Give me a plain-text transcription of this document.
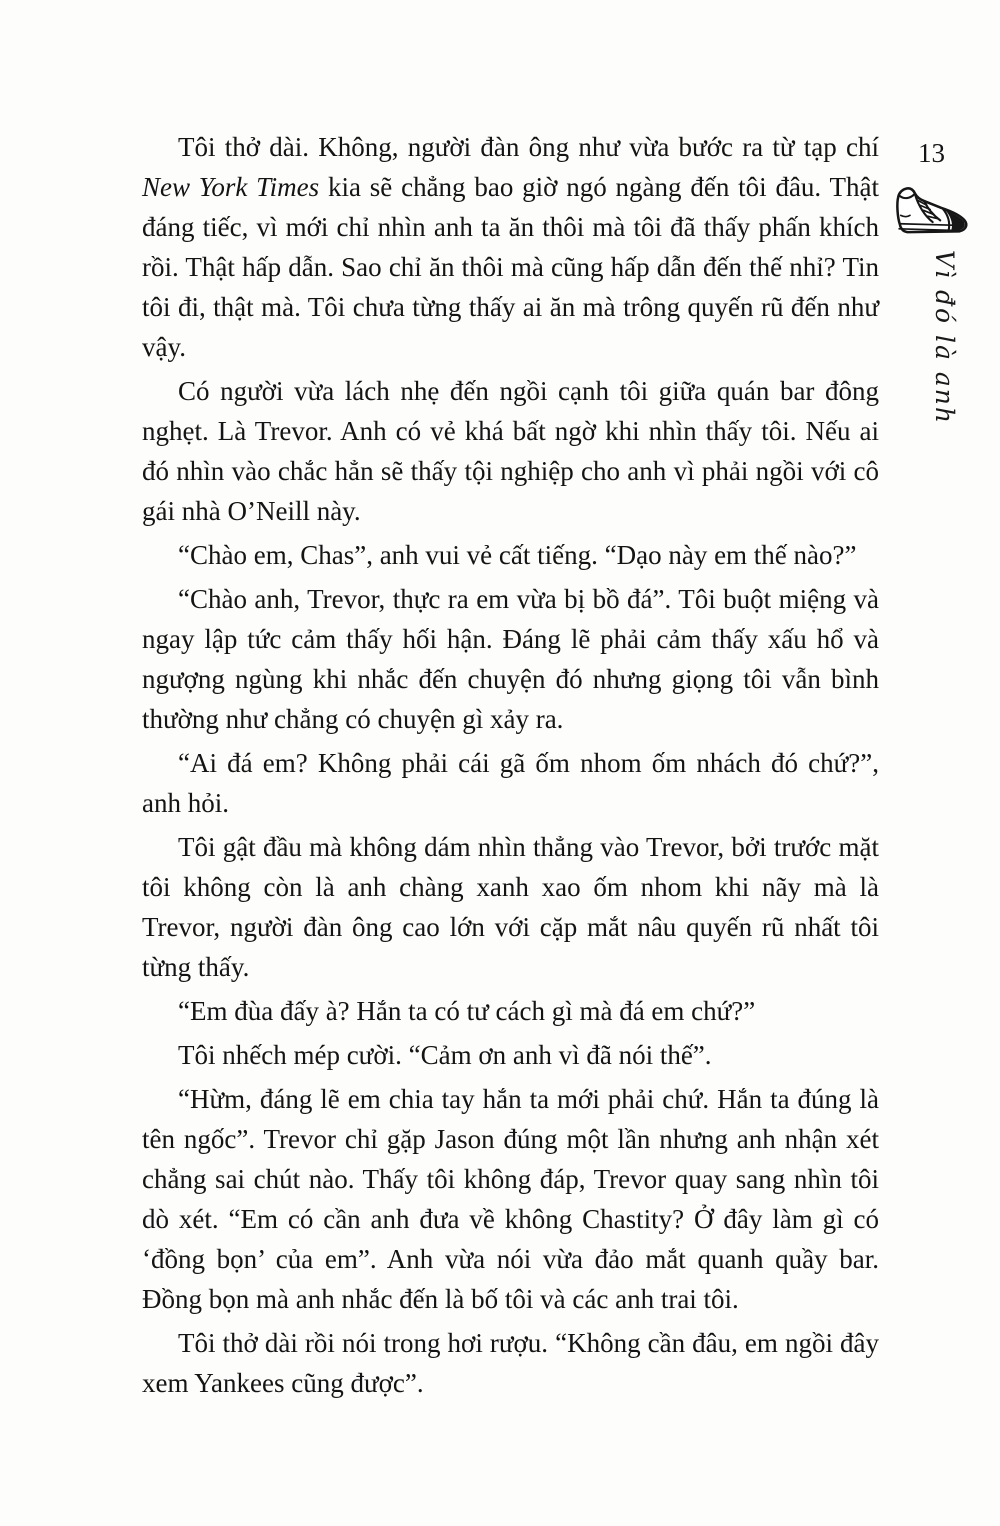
13
Vì đó là anh

Tôi thở dài. Không, người đàn ông như vừa bước ra từ tạp chí New York Times kia sẽ chẳng bao giờ ngó ngàng đến tôi đâu. Thật đáng tiếc, vì mới chỉ nhìn anh ta ăn thôi mà tôi đã thấy phấn khích rồi. Thật hấp dẫn. Sao chỉ ăn thôi mà cũng hấp dẫn đến thế nhỉ? Tin tôi đi, thật mà. Tôi chưa từng thấy ai ăn mà trông quyến rũ đến như vậy.

Có người vừa lách nhẹ đến ngồi cạnh tôi giữa quán bar đông nghẹt. Là Trevor. Anh có vẻ khá bất ngờ khi nhìn thấy tôi. Nếu ai đó nhìn vào chắc hẳn sẽ thấy tội nghiệp cho anh vì phải ngồi với cô gái nhà O’Neill này.

“Chào em, Chas”, anh vui vẻ cất tiếng. “Dạo này em thế nào?”

“Chào anh, Trevor, thực ra em vừa bị bồ đá”. Tôi buột miệng và ngay lập tức cảm thấy hối hận. Đáng lẽ phải cảm thấy xấu hổ và ngượng ngùng khi nhắc đến chuyện đó nhưng giọng tôi vẫn bình thường như chẳng có chuyện gì xảy ra.

“Ai đá em? Không phải cái gã ốm nhom ốm nhách đó chứ?”, anh hỏi.

Tôi gật đầu mà không dám nhìn thẳng vào Trevor, bởi trước mặt tôi không còn là anh chàng xanh xao ốm nhom khi nãy mà là Trevor, người đàn ông cao lớn với cặp mắt nâu quyến rũ nhất tôi từng thấy.

“Em đùa đấy à? Hắn ta có tư cách gì mà đá em chứ?”

Tôi nhếch mép cười. “Cảm ơn anh vì đã nói thế”.

“Hừm, đáng lẽ em chia tay hắn ta mới phải chứ. Hắn ta đúng là tên ngốc”. Trevor chỉ gặp Jason đúng một lần nhưng anh nhận xét chẳng sai chút nào. Thấy tôi không đáp, Trevor quay sang nhìn tôi dò xét. “Em có cần anh đưa về không Chastity? Ở đây làm gì có ‘đồng bọn’ của em”. Anh vừa nói vừa đảo mắt quanh quầy bar. Đồng bọn mà anh nhắc đến là bố tôi và các anh trai tôi.

Tôi thở dài rồi nói trong hơi rượu. “Không cần đâu, em ngồi đây xem Yankees cũng được”.
